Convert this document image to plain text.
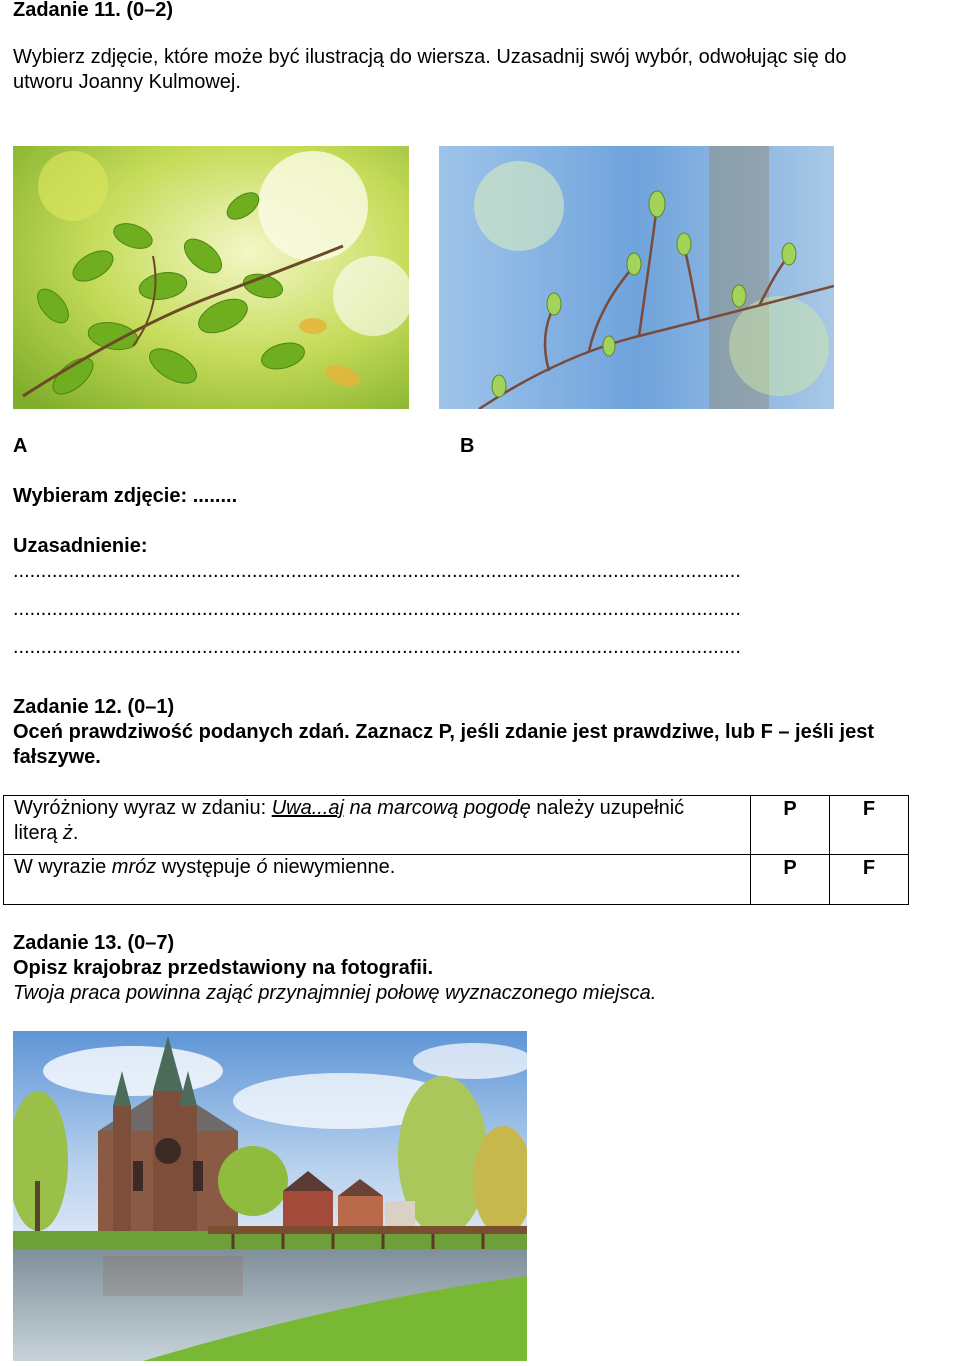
Zadanie 11. (0–2)
Wybierz zdjęcie, które może być ilustracją do wiersza. Uzasadnij swój wybór, odwołując się do
utworu Joanny Kulmowej.
A	B
Wybieram zdjęcie: ........
Uzasadnienie:
...................................................................................................................................
...................................................................................................................................
...................................................................................................................................
Zadanie 12. (0–1)
Oceń prawdziwość podanych zdań. Zaznacz P, jeśli zdanie jest prawdziwe, lub F – jeśli jest
fałszywe.
Wyróżniony wyraz w zdaniu: Uwa...aj na marcową pogodę należy uzupełnić
literą ż.	P	F
W wyrazie mróz występuje ó niewymienne.	P	F
Zadanie 13. (0–7)
Opisz krajobraz przedstawiony na fotografii.
Twoja praca powinna zająć przynajmniej połowę wyznaczonego miejsca.
